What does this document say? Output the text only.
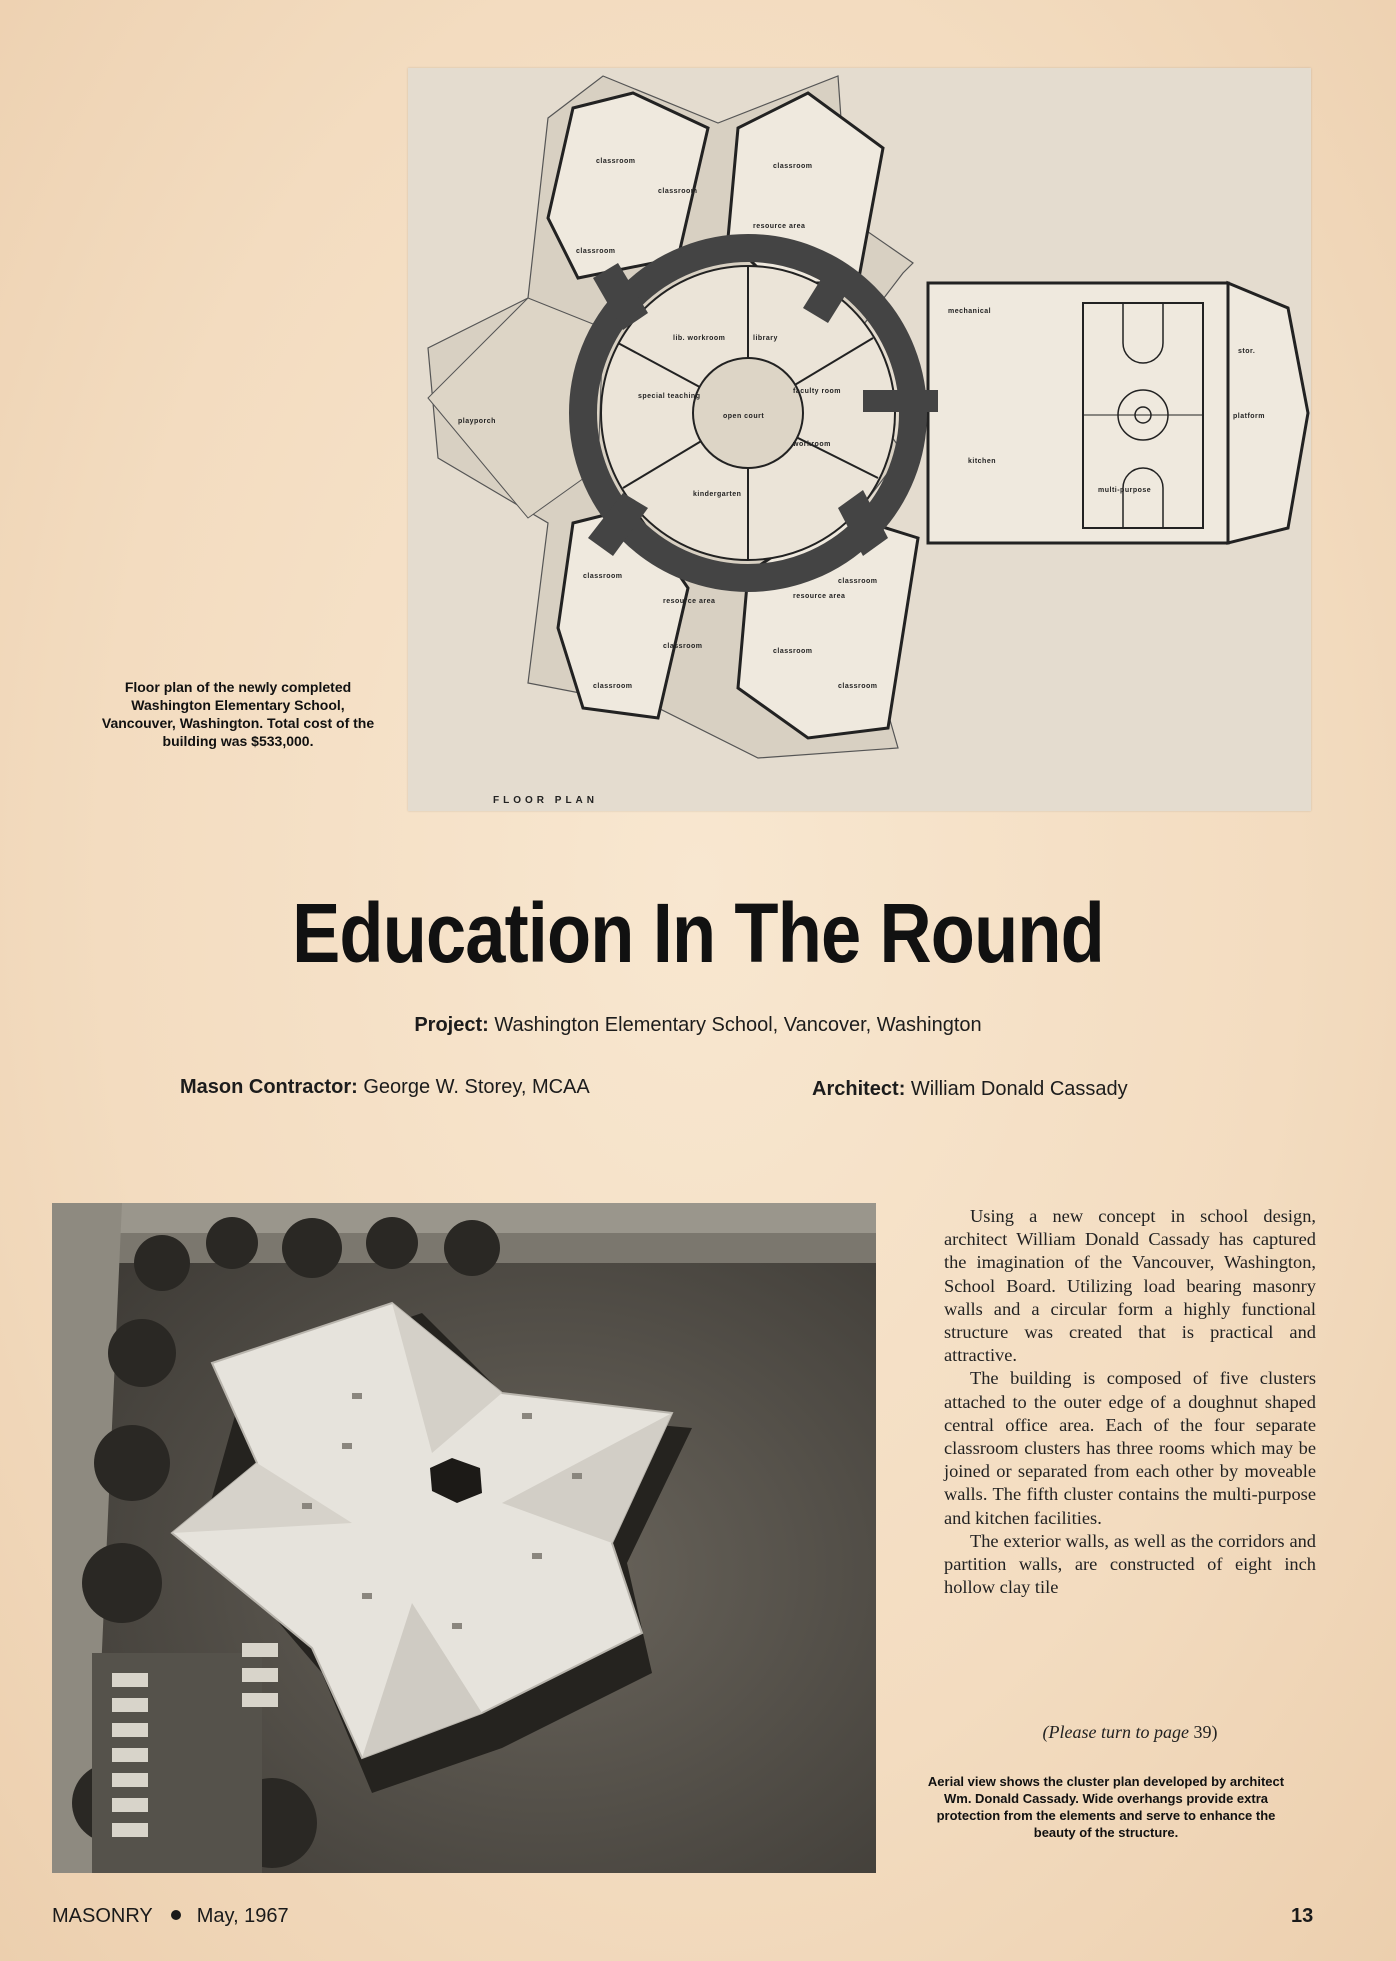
classroom
classroom
classroom
classroom
resource area
lib. workroom	library
open court
faculty room
special teaching
workroom
kindergarten
playporch
classroom
classroom
classroom
resource area
classroom
classroom
classroom
resource area
mechanical
kitchen
multi-purpose
platform
stor.
FLOOR PLAN
Floor plan of the newly completed Washington Elementary School, Vancouver, Washington. Total cost of the building was $533,000.
Education In The Round
Project: Washington Elementary School, Vancover, Washington
Mason Contractor: George W. Storey, MCAA	Architect: William Donald Cassady

Using a new concept in school design, architect William Donald Cassady has captured the imagination of the Vancouver, Washington, School Board. Utilizing load bearing masonry walls and a circular form a highly functional structure was created that is practical and attractive.

The building is composed of five clusters attached to the outer edge of a doughnut shaped central office area. Each of the four separate classroom clusters has three rooms which may be joined or separated from each other by moveable walls. The fifth cluster contains the multi-purpose and kitchen facilities.

The exterior walls, as well as the corridors and partition walls, are constructed of eight inch hollow clay tile

(Please turn to page 39)
Aerial view shows the cluster plan developed by architect Wm. Donald Cassady. Wide overhangs provide extra protection from the elements and serve to enhance the beauty of the structure.
MASONRY May, 1967	13
